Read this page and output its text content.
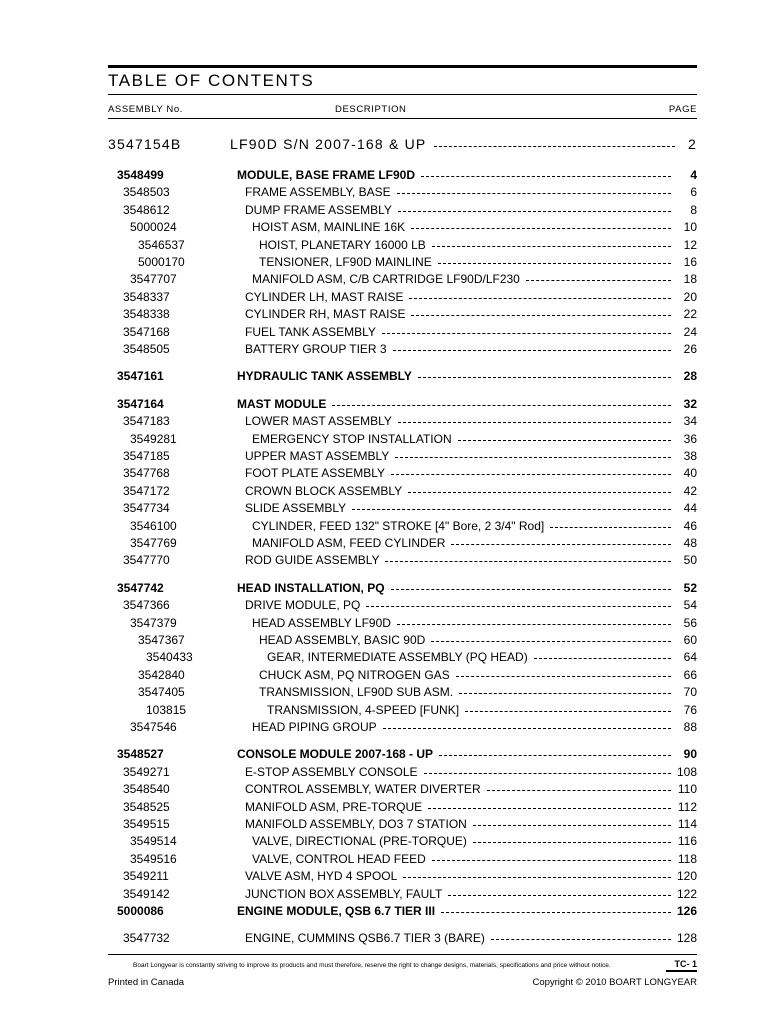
TABLE OF CONTENTS
ASSEMBLY No.	DESCRIPTION	PAGE
3547154B	LF90D S/N 2007-168 & UP	2
3548499	MODULE, BASE FRAME LF90D	4
3548503	FRAME ASSEMBLY, BASE	6
3548612	DUMP FRAME ASSEMBLY	8
5000024	HOIST ASM, MAINLINE 16K	10
3546537	HOIST, PLANETARY 16000 LB	12
5000170	TENSIONER, LF90D MAINLINE	16
3547707	MANIFOLD ASM, C/B CARTRIDGE LF90D/LF230	18
3548337	CYLINDER LH, MAST RAISE	20
3548338	CYLINDER RH, MAST RAISE	22
3547168	FUEL TANK ASSEMBLY	24
3548505	BATTERY GROUP TIER 3	26
3547161	HYDRAULIC TANK ASSEMBLY	28
3547164	MAST MODULE	32
3547183	LOWER MAST ASSEMBLY	34
3549281	EMERGENCY STOP INSTALLATION	36
3547185	UPPER MAST ASSEMBLY	38
3547768	FOOT PLATE ASSEMBLY	40
3547172	CROWN BLOCK ASSEMBLY	42
3547734	SLIDE ASSEMBLY	44
3546100	CYLINDER, FEED 132" STROKE [4" Bore, 2 3/4" Rod]	46
3547769	MANIFOLD ASM, FEED CYLINDER	48
3547770	ROD GUIDE ASSEMBLY	50
3547742	HEAD INSTALLATION, PQ	52
3547366	DRIVE MODULE, PQ	54
3547379	HEAD ASSEMBLY LF90D	56
3547367	HEAD ASSEMBLY, BASIC 90D	60
3540433	GEAR, INTERMEDIATE ASSEMBLY (PQ HEAD)	64
3542840	CHUCK ASM, PQ NITROGEN GAS	66
3547405	TRANSMISSION, LF90D SUB ASM.	70
103815	TRANSMISSION, 4-SPEED [FUNK]	76
3547546	HEAD PIPING GROUP	88
3548527	CONSOLE MODULE 2007-168 - UP	90
3549271	E-STOP ASSEMBLY CONSOLE	108
3548540	CONTROL ASSEMBLY, WATER DIVERTER	110
3548525	MANIFOLD ASM, PRE-TORQUE	112
3549515	MANIFOLD ASSEMBLY, DO3 7 STATION	114
3549514	VALVE, DIRECTIONAL (PRE-TORQUE)	116
3549516	VALVE, CONTROL HEAD FEED	118
3549211	VALVE ASM, HYD 4 SPOOL	120
3549142	JUNCTION BOX ASSEMBLY, FAULT	122
5000086	ENGINE MODULE, QSB 6.7 TIER III	126
3547732	ENGINE, CUMMINS QSB6.7 TIER 3 (BARE)	128
Boart Longyear is constantly striving to improve its products and must therefore, reserve the right to change designs, materials, specifications and price without notice.	TC- 1
Printed in Canada	Copyright © 2010 BOART LONGYEAR
